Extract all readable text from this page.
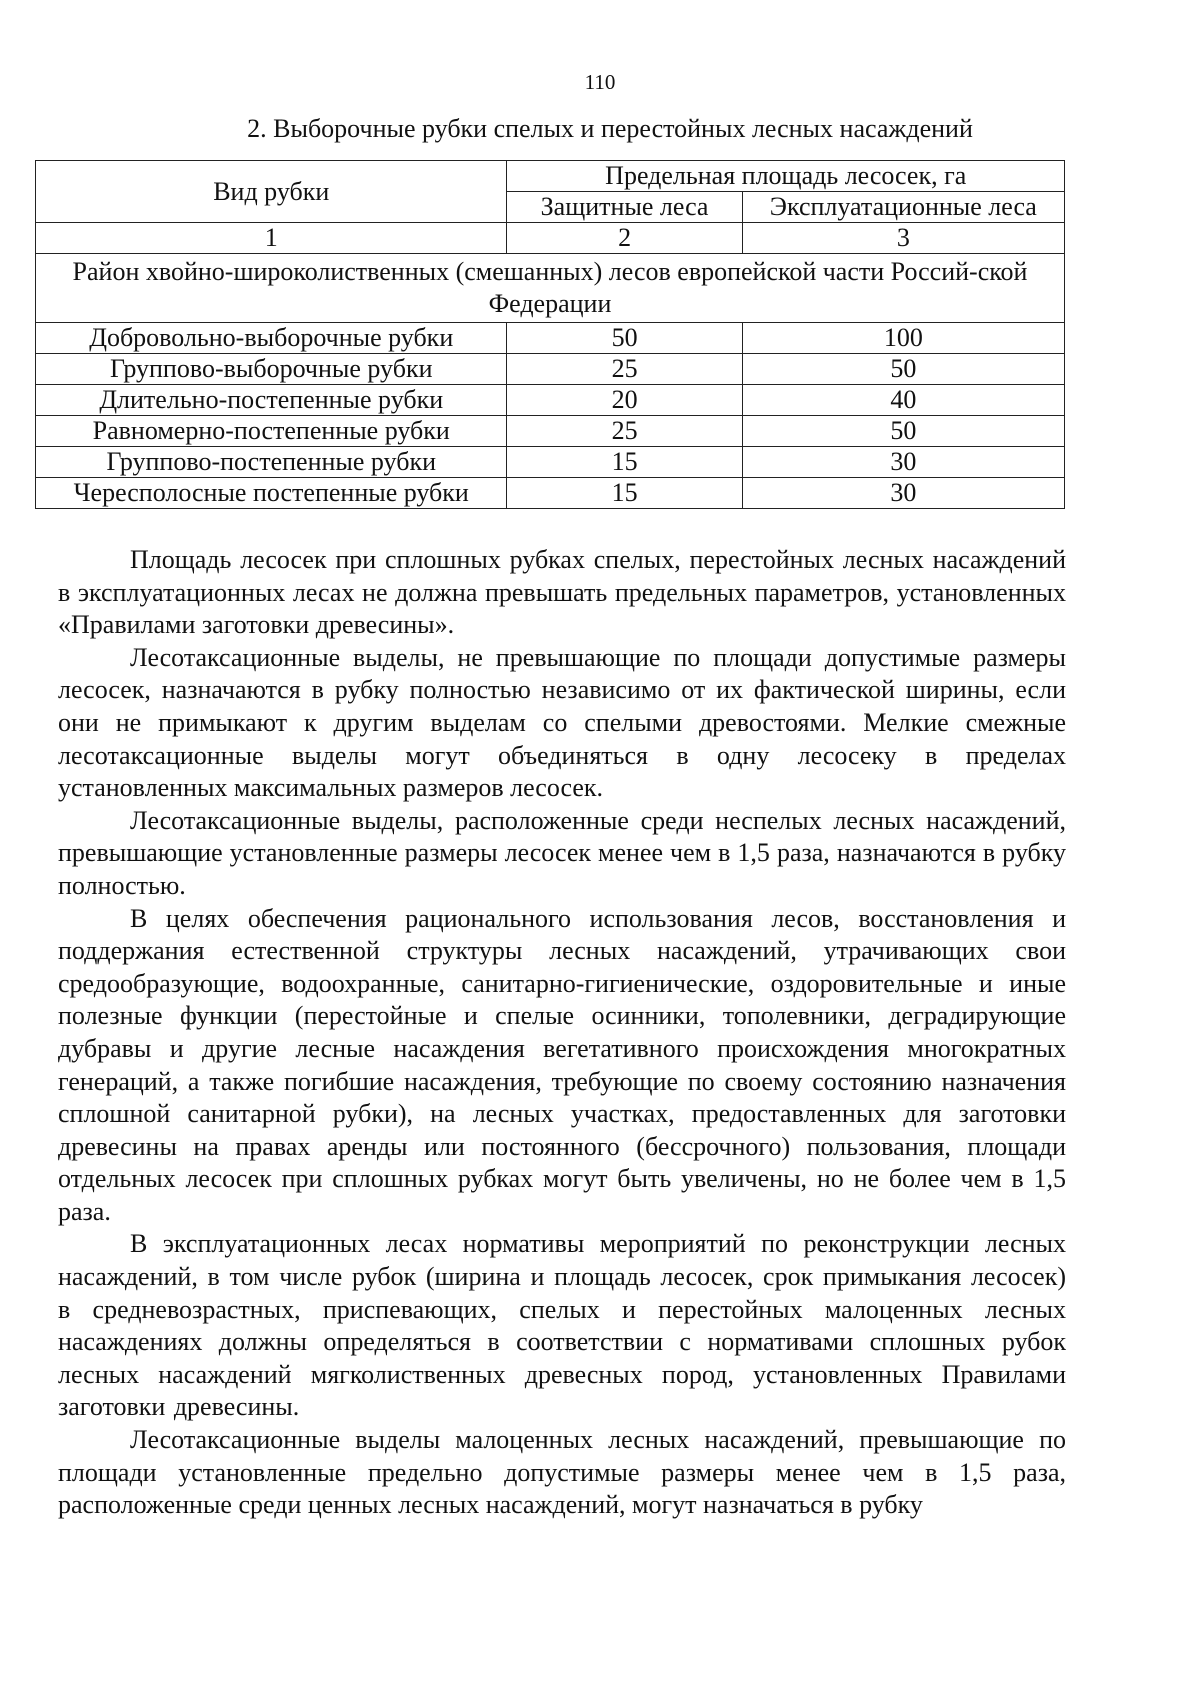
110
2. Выборочные рубки спелых и перестойных лесных насаждений
Вид рубки	Предельная площадь лесосек, га	
	Защитные леса	Эксплуатационные леса
1	2	3
Район хвойно-широколиственных (смешанных) лесов европейской части Россий-ской Федерации		
Добровольно-выборочные рубки	50	100
Группово-выборочные рубки	25	50
Длительно-постепенные рубки	20	40
Равномерно-постепенные рубки	25	50
Группово-постепенные рубки	15	30
Чересполосные постепенные рубки	15	30

Площадь лесосек при сплошных рубках спелых, перестойных лесных насаждений в эксплуатационных лесах не должна превышать предельных параметров, установленных «Правилами заготовки древесины».

Лесотаксационные выделы, не превышающие по площади допустимые размеры лесосек, назначаются в рубку полностью независимо от их фактической ширины, если они не примыкают к другим выделам со спелыми древостоями. Мелкие смежные лесотаксационные выделы могут объединяться в одну лесосеку в пределах установленных максимальных размеров лесосек.

Лесотаксационные выделы, расположенные среди неспелых лесных насаждений, превышающие установленные размеры лесосек менее чем в 1,5 раза, назначаются в рубку полностью.

В целях обеспечения рационального использования лесов, восстановления и поддержания естественной структуры лесных насаждений, утрачивающих свои средообразующие, водоохранные, санитарно-гигиенические, оздоровительные и иные полезные функции (перестойные и спелые осинники, тополевники, деградирующие дубравы и другие лесные насаждения вегетативного происхождения многократных генераций, а также погибшие насаждения, требующие по своему состоянию назначения сплошной санитарной рубки), на лесных участках, предоставленных для заготовки древесины на правах аренды или постоянного (бессрочного) пользования, площади отдельных лесосек при сплошных рубках могут быть увеличены, но не более чем в 1,5 раза.

В эксплуатационных лесах нормативы мероприятий по реконструкции лесных насаждений, в том числе рубок (ширина и площадь лесосек, срок примыкания лесосек) в средневозрастных, приспевающих, спелых и перестойных малоценных лесных насаждениях должны определяться в соответствии с нормативами сплошных рубок лесных насаждений мягколиственных древесных пород, установленных Правилами заготовки древесины.

Лесотаксационные выделы малоценных лесных насаждений, превышающие по площади установленные предельно допустимые размеры менее чем в 1,5 раза, расположенные среди ценных лесных насаждений, могут назначаться в рубку
